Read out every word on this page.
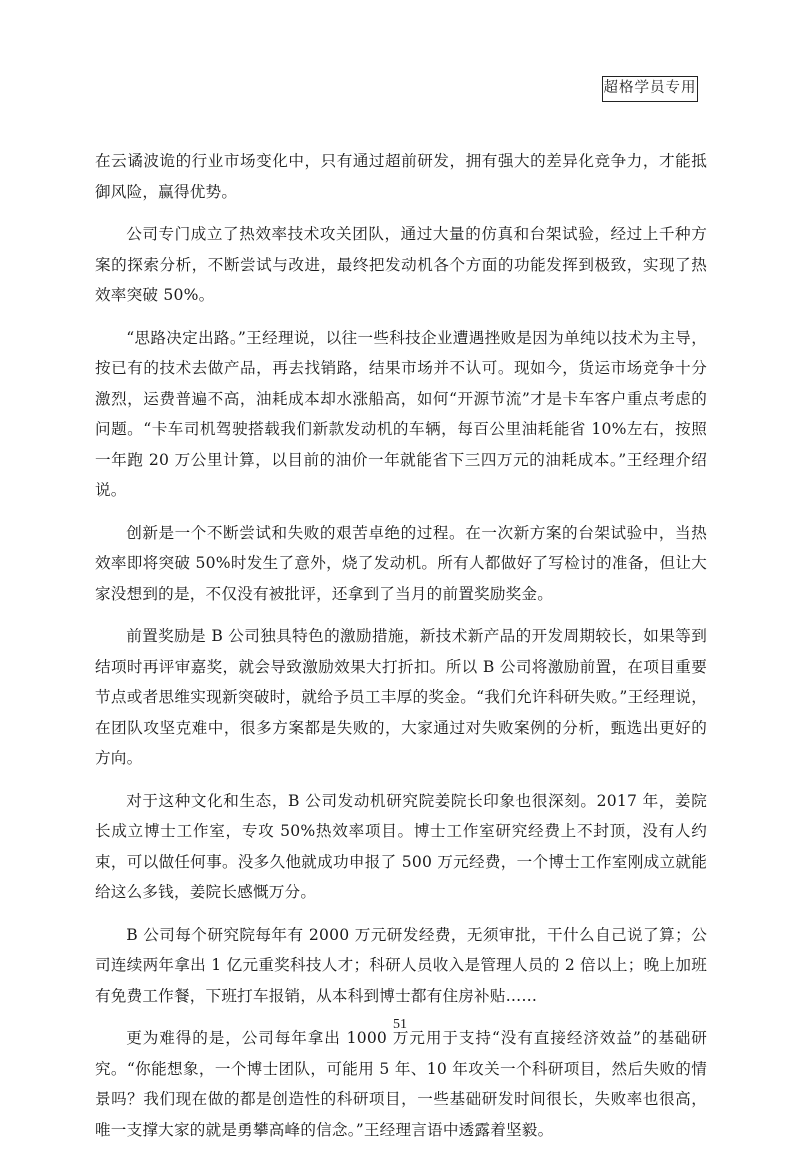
超格学员专用

在云谲波诡的行业市场变化中，只有通过超前研发，拥有强大的差异化竞争力，才能抵御风险，赢得优势。

公司专门成立了热效率技术攻关团队，通过大量的仿真和台架试验，经过上千种方案的探索分析，不断尝试与改进，最终把发动机各个方面的功能发挥到极致，实现了热效率突破 50%。

“思路决定出路。”王经理说，以往一些科技企业遭遇挫败是因为单纯以技术为主导，按已有的技术去做产品，再去找销路，结果市场并不认可。现如今，货运市场竞争十分激烈，运费普遍不高，油耗成本却水涨船高，如何“开源节流”才是卡车客户重点考虑的问题。“卡车司机驾驶搭载我们新款发动机的车辆，每百公里油耗能省 10%左右，按照一年跑 20 万公里计算，以目前的油价一年就能省下三四万元的油耗成本。”王经理介绍说。

创新是一个不断尝试和失败的艰苦卓绝的过程。在一次新方案的台架试验中，当热效率即将突破 50%时发生了意外，烧了发动机。所有人都做好了写检讨的准备，但让大家没想到的是，不仅没有被批评，还拿到了当月的前置奖励奖金。

前置奖励是 B 公司独具特色的激励措施，新技术新产品的开发周期较长，如果等到结项时再评审嘉奖，就会导致激励效果大打折扣。所以 B 公司将激励前置，在项目重要节点或者思维实现新突破时，就给予员工丰厚的奖金。“我们允许科研失败。”王经理说，在团队攻坚克难中，很多方案都是失败的，大家通过对失败案例的分析，甄选出更好的方向。

对于这种文化和生态，B 公司发动机研究院姜院长印象也很深刻。2017 年，姜院长成立博士工作室，专攻 50%热效率项目。博士工作室研究经费上不封顶，没有人约束，可以做任何事。没多久他就成功申报了 500 万元经费，一个博士工作室刚成立就能给这么多钱，姜院长感慨万分。

B 公司每个研究院每年有 2000 万元研发经费，无须审批，干什么自己说了算；公司连续两年拿出 1 亿元重奖科技人才；科研人员收入是管理人员的 2 倍以上；晚上加班有免费工作餐，下班打车报销，从本科到博士都有住房补贴……

更为难得的是，公司每年拿出 1000 万元用于支持“没有直接经济效益”的基础研究。“你能想象，一个博士团队，可能用 5 年、10 年攻关一个科研项目，然后失败的情景吗？我们现在做的都是创造性的科研项目，一些基础研发时间很长，失败率也很高，唯一支撑大家的就是勇攀高峰的信念。”王经理言语中透露着坚毅。

51
